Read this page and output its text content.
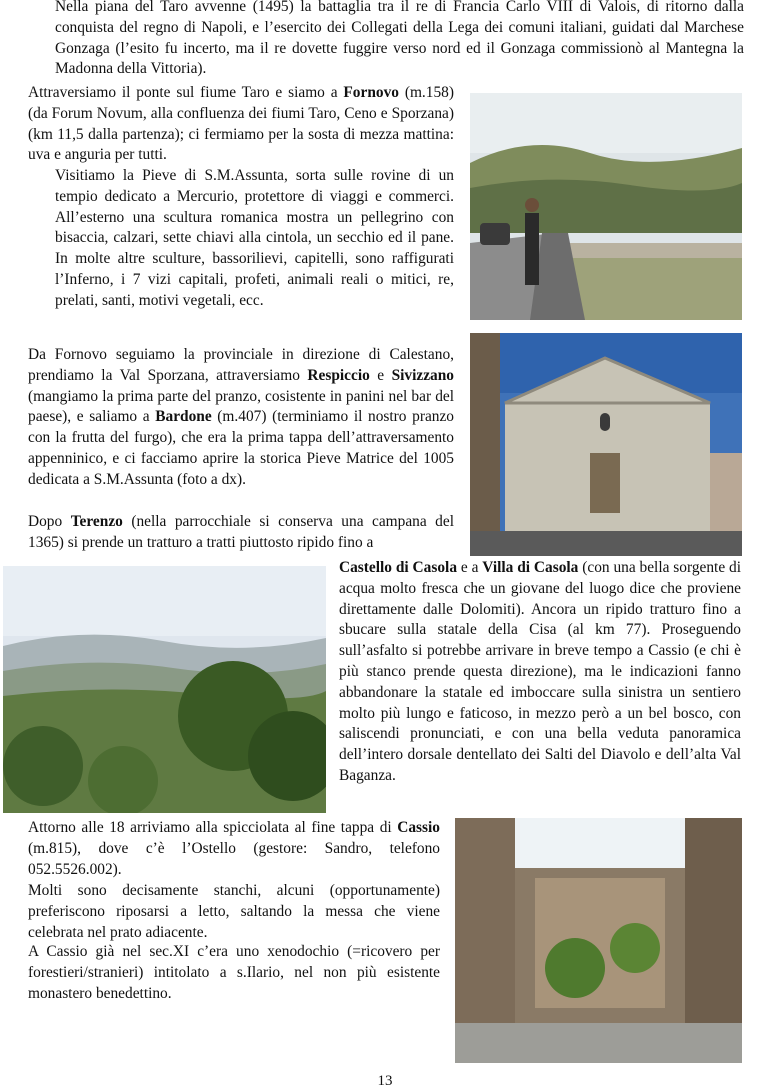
Nella piana del Taro avvenne (1495) la battaglia tra il re di Francia Carlo VIII di Valois, di ritorno dalla conquista del regno di Napoli, e l’esercito dei Collegati della Lega dei comuni italiani, guidati dal Marchese Gonzaga (l’esito fu incerto, ma il re dovette fuggire verso nord ed il Gonzaga commissionò al Mantegna la Madonna della Vittoria).

Attraversiamo il ponte sul fiume Taro e siamo a Fornovo (m.158) (da Forum Novum, alla confluenza dei fiumi Taro, Ceno e Sporzana) (km 11,5 dalla partenza); ci fermiamo per la sosta di mezza mattina: uva e anguria per tutti.

Visitiamo la Pieve di S.M.Assunta, sorta sulle rovine di un tempio dedicato a Mercurio, protettore di viaggi e commerci. All’esterno una scultura romanica mostra un pellegrino con bisaccia, calzari, sette chiavi alla cintola, un secchio ed il pane. In molte altre sculture, bassorilievi, capitelli, sono raffigurati l’Inferno, i 7 vizi capitali, profeti, animali reali o mitici, re, prelati, santi, motivi vegetali, ecc.

Da Fornovo seguiamo la provinciale in direzione di Calestano, prendiamo la Val Sporzana, attraversiamo Respiccio e Sivizzano (mangiamo la prima parte del pranzo, cosistente in panini nel bar del paese), e saliamo a Bardone (m.407) (terminiamo il nostro pranzo con la frutta del furgo), che era la prima tappa dell’attraversamento appenninico, e ci facciamo aprire la storica Pieve Matrice del 1005 dedicata a S.M.Assunta (foto a dx).

Dopo Terenzo (nella parrocchiale si conserva una campana del 1365) si prende un tratturo a tratti piuttosto ripido fino a

Castello di Casola e a Villa di Casola (con una bella sorgente di acqua molto fresca che un giovane del luogo dice che proviene direttamente dalle Dolomiti). Ancora un ripido tratturo fino a sbucare sulla statale della Cisa (al km 77). Proseguendo sull’asfalto si potrebbe arrivare in breve tempo a Cassio (e chi è più stanco prende questa direzione), ma le indicazioni fanno abbandonare la statale ed imboccare sulla sinistra un sentiero molto più lungo e faticoso, in mezzo però a un bel bosco, con saliscendi pronunciati, e con una bella veduta panoramica dell’intero dorsale dentellato dei Salti del Diavolo e dell’alta Val Baganza.

Attorno alle 18 arriviamo alla spicciolata al fine tappa di Cassio (m.815), dove c’è l’Ostello (gestore: Sandro, telefono 052.5526.002).

Molti sono decisamente stanchi, alcuni (opportunamente) preferiscono riposarsi a letto, saltando la messa che viene celebrata nel prato adiacente.

A Cassio già nel sec.XI c’era uno xenodochio (=ricovero per forestieri/stranieri) intitolato a s.Ilario, nel non più esistente monastero benedettino.

13
